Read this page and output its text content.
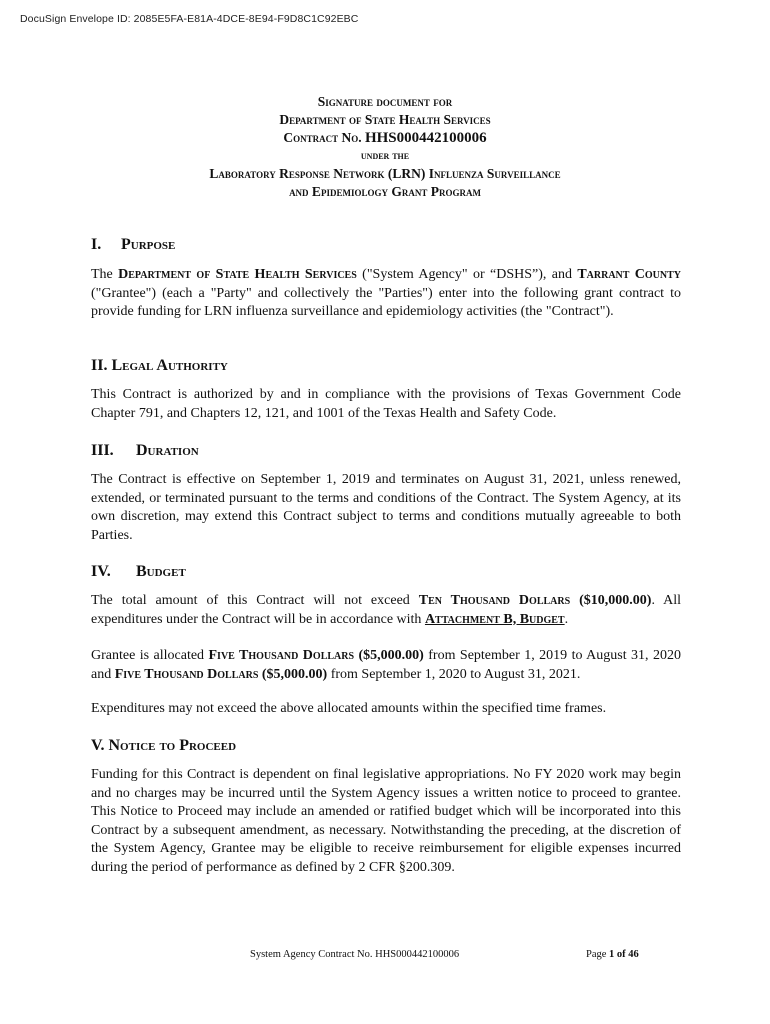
DocuSign Envelope ID: 2085E5FA-E81A-4DCE-8E94-F9D8C1C92EBC
Signature document for
Department of State Health Services
Contract No. HHS000442100006
under the
Laboratory Response Network (LRN) Influenza Surveillance
and Epidemiology Grant Program
I. Purpose
The Department of State Health Services ("System Agency" or “DSHS”), and Tarrant County ("Grantee") (each a "Party" and collectively the "Parties") enter into the following grant contract to provide funding for LRN influenza surveillance and epidemiology activities (the "Contract").
II. Legal Authority
This Contract is authorized by and in compliance with the provisions of Texas Government Code Chapter 791, and Chapters 12, 121, and 1001 of the Texas Health and Safety Code.
III. Duration
The Contract is effective on September 1, 2019 and terminates on August 31, 2021, unless renewed, extended, or terminated pursuant to the terms and conditions of the Contract. The System Agency, at its own discretion, may extend this Contract subject to terms and conditions mutually agreeable to both Parties.
IV. Budget
The total amount of this Contract will not exceed Ten Thousand Dollars ($10,000.00). All expenditures under the Contract will be in accordance with Attachment B, Budget.
Grantee is allocated Five Thousand Dollars ($5,000.00) from September 1, 2019 to August 31, 2020 and Five Thousand Dollars ($5,000.00) from September 1, 2020 to August 31, 2021.
Expenditures may not exceed the above allocated amounts within the specified time frames.
V. Notice to Proceed
Funding for this Contract is dependent on final legislative appropriations. No FY 2020 work may begin and no charges may be incurred until the System Agency issues a written notice to proceed to grantee. This Notice to Proceed may include an amended or ratified budget which will be incorporated into this Contract by a subsequent amendment, as necessary. Notwithstanding the preceding, at the discretion of the System Agency, Grantee may be eligible to receive reimbursement for eligible expenses incurred during the period of performance as defined by 2 CFR §200.309.
System Agency Contract No. HHS000442100006	Page 1 of 46
